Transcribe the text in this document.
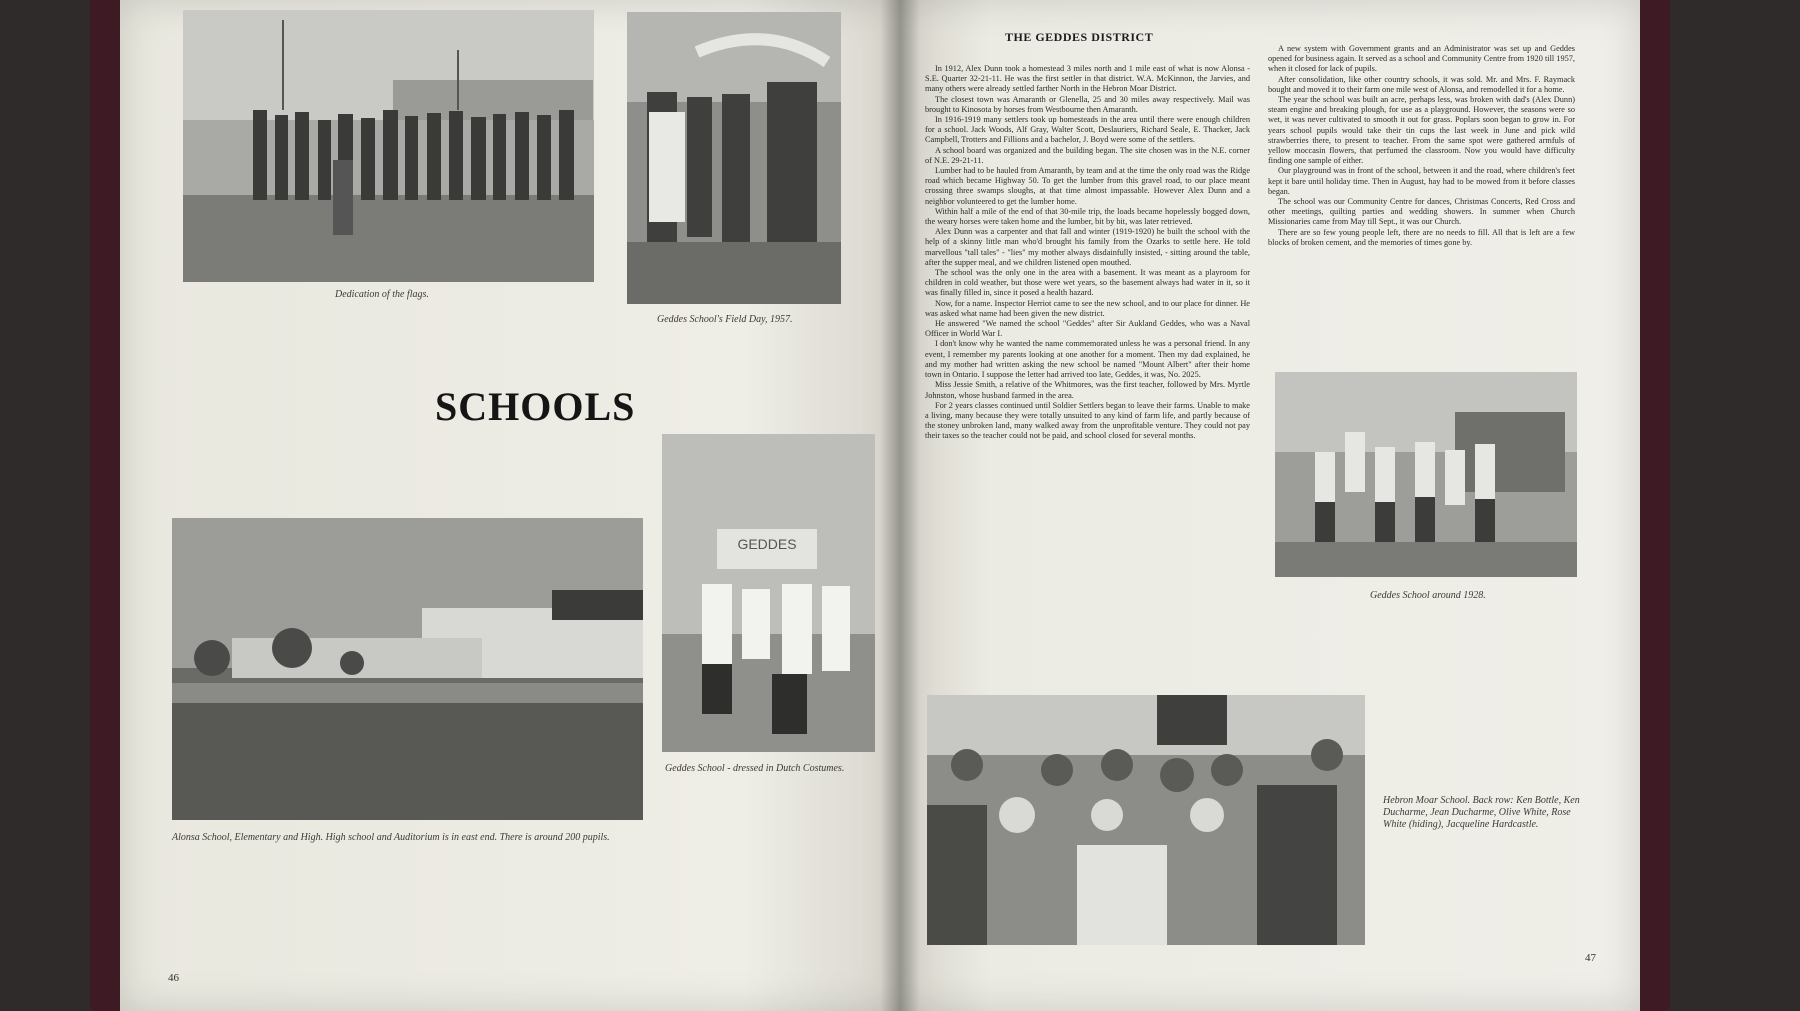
Dedication of the flags.
Geddes School's Field Day, 1957.
SCHOOLS
Alonsa School, Elementary and High. High school and Auditorium is in east end. There is around 200 pupils.
GEDDES
Geddes School - dressed in Dutch Costumes.
46
THE GEDDES DISTRICT

In 1912, Alex Dunn took a homestead 3 miles north and 1 mile east of what is now Alonsa - S.E. Quarter 32-21-11. He was the first settler in that district. W.A. McKinnon, the Jarvies, and many others were already settled farther North in the Hebron Moar District.

The closest town was Amaranth or Glenella, 25 and 30 miles away respectively. Mail was brought to Kinosota by horses from Westbourne then Amaranth.

In 1916-1919 many settlers took up homesteads in the area until there were enough children for a school. Jack Woods, Alf Gray, Walter Scott, Deslauriers, Richard Seale, E. Thacker, Jack Campbell, Trotters and Fillions and a bachelor, J. Boyd were some of the settlers.

A school board was organized and the building began. The site chosen was in the N.E. corner of N.E. 29-21-11.

Lumber had to be hauled from Amaranth, by team and at the time the only road was the Ridge road which became Highway 50. To get the lumber from this gravel road, to our place meant crossing three swamps sloughs, at that time almost impassable. However Alex Dunn and a neighbor volunteered to get the lumber home.

Within half a mile of the end of that 30-mile trip, the loads became hopelessly bogged down, the weary horses were taken home and the lumber, bit by bit, was later retrieved.

Alex Dunn was a carpenter and that fall and winter (1919-1920) he built the school with the help of a skinny little man who'd brought his family from the Ozarks to settle here. He told marvellous "tall tales" - "lies" my mother always disdainfully insisted, - sitting around the table, after the supper meal, and we children listened open mouthed.

The school was the only one in the area with a basement. It was meant as a playroom for children in cold weather, but those were wet years, so the basement always had water in it, so it was finally filled in, since it posed a health hazard.

Now, for a name. Inspector Herriot came to see the new school, and to our place for dinner. He was asked what name had been given the new district.

He answered "We named the school "Geddes" after Sir Aukland Geddes, who was a Naval Officer in World War I.

I don't know why he wanted the name commemorated unless he was a personal friend. In any event, I remember my parents looking at one another for a moment. Then my dad explained, he and my mother had written asking the new school be named "Mount Albert" after their home town in Ontario. I suppose the letter had arrived too late, Geddes, it was, No. 2025.

Miss Jessie Smith, a relative of the Whitmores, was the first teacher, followed by Mrs. Myrtle Johnston, whose husband farmed in the area.

For 2 years classes continued until Soldier Settlers began to leave their farms. Unable to make a living, many because they were totally unsuited to any kind of farm life, and partly because of the stoney unbroken land, many walked away from the unprofitable venture. They could not pay their taxes so the teacher could not be paid, and school closed for several months.

A new system with Government grants and an Administrator was set up and Geddes opened for business again. It served as a school and Community Centre from 1920 till 1957, when it closed for lack of pupils.

After consolidation, like other country schools, it was sold. Mr. and Mrs. F. Raymack bought and moved it to their farm one mile west of Alonsa, and remodelled it for a home.

The year the school was built an acre, perhaps less, was broken with dad's (Alex Dunn) steam engine and breaking plough, for use as a playground. However, the seasons were so wet, it was never cultivated to smooth it out for grass. Poplars soon began to grow in. For years school pupils would take their tin cups the last week in June and pick wild strawberries there, to present to teacher. From the same spot were gathered armfuls of yellow moccasin flowers, that perfumed the classroom. Now you would have difficulty finding one sample of either.

Our playground was in front of the school, between it and the road, where children's feet kept it bare until holiday time. Then in August, hay had to be mowed from it before classes began.

The school was our Community Centre for dances, Christmas Concerts, Red Cross and other meetings, quilting parties and wedding showers. In summer when Church Missionaries came from May till Sept., it was our Church.

There are so few young people left, there are no needs to fill. All that is left are a few blocks of broken cement, and the memories of times gone by.

Geddes School around 1928.
Hebron Moar School. Back row: Ken Bottle, Ken Ducharme, Jean Ducharme, Olive White, Rose White (hiding), Jacqueline Hardcastle.
47
